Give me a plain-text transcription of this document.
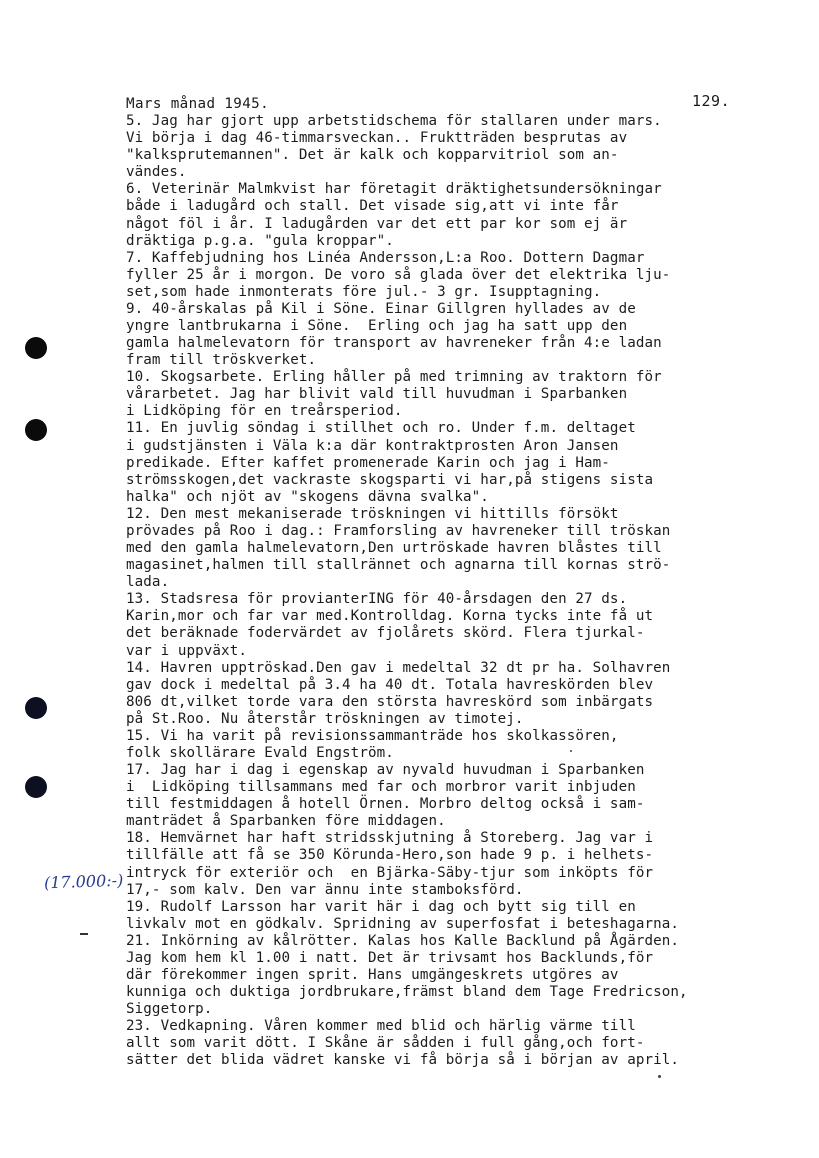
129.
Mars månad 1945.
5. Jag har gjort upp arbetstidschema för stallaren under mars.
Vi börja i dag 46-timmarsveckan.. Fruktträden besprutas av
"kalksprutemannen". Det är kalk och kopparvitriol som an-
vändes.
6. Veterinär Malmkvist har företagit dräktighetsundersökningar
både i ladugård och stall. Det visade sig,att vi inte får
något föl i år. I ladugården var det ett par kor som ej är
dräktiga p.g.a. "gula kroppar".
7. Kaffebjudning hos Linéa Andersson,L:a Roo. Dottern Dagmar
fyller 25 år i morgon. De voro så glada över det elektrika lju-
set,som hade inmonterats före jul.- 3 gr. Isupptagning.
9. 40-årskalas på Kil i Söne. Einar Gillgren hyllades av de
yngre lantbrukarna i Söne.  Erling och jag ha satt upp den
gamla halmelevatorn för transport av havreneker från 4:e ladan
fram till tröskverket.
10. Skogsarbete. Erling håller på med trimning av traktorn för
vårarbetet. Jag har blivit vald till huvudman i Sparbanken
i Lidköping för en treårsperiod.
11. En juvlig söndag i stillhet och ro. Under f.m. deltaget
i gudstjänsten i Väla k:a där kontraktprosten Aron Jansen
predikade. Efter kaffet promenerade Karin och jag i Ham-
strömsskogen,det vackraste skogsparti vi har,på stigens sista
halka" och njöt av "skogens dävna svalka".
12. Den mest mekaniserade tröskningen vi hittills försökt
prövades på Roo i dag.: Framforsling av havreneker till tröskan
med den gamla halmelevatorn,Den urtröskade havren blåstes till
magasinet,halmen till stallrännet och agnarna till kornas strö-
lada.
13. Stadsresa för provianterING för 40-årsdagen den 27 ds.
Karin,mor och far var med.Kontrolldag. Korna tycks inte få ut
det beräknade fodervärdet av fjolårets skörd. Flera tjurkal-
var i uppväxt.
14. Havren upptröskad.Den gav i medeltal 32 dt pr ha. Solhavren
gav dock i medeltal på 3.4 ha 40 dt. Totala havreskörden blev
806 dt,vilket torde vara den största havreskörd som inbärgats
på St.Roo. Nu återstår tröskningen av timotej.
15. Vi ha varit på revisionssammanträde hos skolkassören,
folk skollärare Evald Engström.
17. Jag har i dag i egenskap av nyvald huvudman i Sparbanken
i  Lidköping tillsammans med far och morbror varit inbjuden
till festmiddagen å hotell Örnen. Morbro deltog också i sam-
manträdet å Sparbanken före middagen.
18. Hemvärnet har haft stridsskjutning å Storeberg. Jag var i
tillfälle att få se 350 Körunda-Hero,son hade 9 p. i helhets-
intryck för exteriör och  en Bjärka-Säby-tjur som inköpts för
17,- som kalv. Den var ännu inte stamboksförd.
19. Rudolf Larsson har varit här i dag och bytt sig till en
livkalv mot en gödkalv. Spridning av superfosfat i beteshagarna.
21. Inkörning av kålrötter. Kalas hos Kalle Backlund på Ågärden.
Jag kom hem kl 1.00 i natt. Det är trivsamt hos Backlunds,för
där förekommer ingen sprit. Hans umgängeskrets utgöres av
kunniga och duktiga jordbrukare,främst bland dem Tage Fredricson,
Siggetorp.
23. Vedkapning. Våren kommer med blid och härlig värme till
allt som varit dött. I Skåne är sådden i full gång,och fort-
sätter det blida vädret kanske vi få börja så i början av april.
(17.000:-)
